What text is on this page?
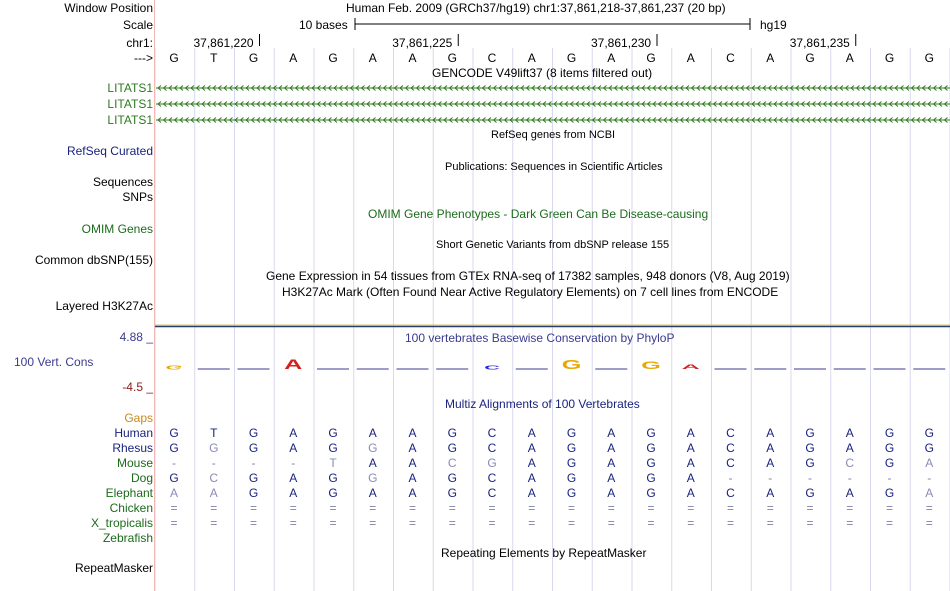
G	A	C	G	G A
Window Position	Human Feb. 2009 (GRCh37/hg19) chr1:37,861,218-37,861,237 (20 bp)
Scale	10 bases	hg19
chr1:	37,861,220	37,861,225	37,861,230	37,861,235
--->	G	T	G	A	G	A	A	G	C	A	G	A	G	A	C	A	G	A	G	G
GENCODE V49lift37 (8 items filtered out)
LITATS1
LITATS1
LITATS1
RefSeq genes from NCBI
RefSeq Curated
Publications: Sequences in Scientific Articles
Sequences
SNPs
OMIM Gene Phenotypes - Dark Green Can Be Disease-causing
OMIM Genes
Short Genetic Variants from dbSNP release 155
Common dbSNP(155)
Gene Expression in 54 tissues from GTEx RNA-seq of 17382 samples, 948 donors (V8, Aug 2019)
H3K27Ac Mark (Often Found Near Active Regulatory Elements) on 7 cell lines from ENCODE
Layered H3K27Ac
100 vertebrates Basewise Conservation by PhyloP
4.88 _
100 Vert. Cons
-4.5 _
Gaps
Multiz Alignments of 100 Vertebrates
Human	G	T	G	A	G	A	A	G	C	A	G	A	G	A	C	A	G	A	G	G
Rhesus	G	G	G	A	G	G	A	G	C	A	G	A	G	A	C	A	G	A	G	G
Mouse	-	-	-	-	T	A	A	C	G	A	G	A	G	A	C	A	G	C	G	A
Dog	G	C	G	A	G	G	A	G	C	A	G	A	G	A	-	-	-	-	-	-
Elephant	A	A	G	A	G	A	A	G	C	A	G	A	G	A	C	A	G	A	G	A
Chicken	=	=	=	=	=	=	=	=	=	=	=	=	=	=	=	=	=	=	=	=
X_tropicalis	=	=	=	=	=	=	=	=	=	=	=	=	=	=	=	=	=	=	=	=
Zebrafish
Repeating Elements by RepeatMasker
RepeatMasker
